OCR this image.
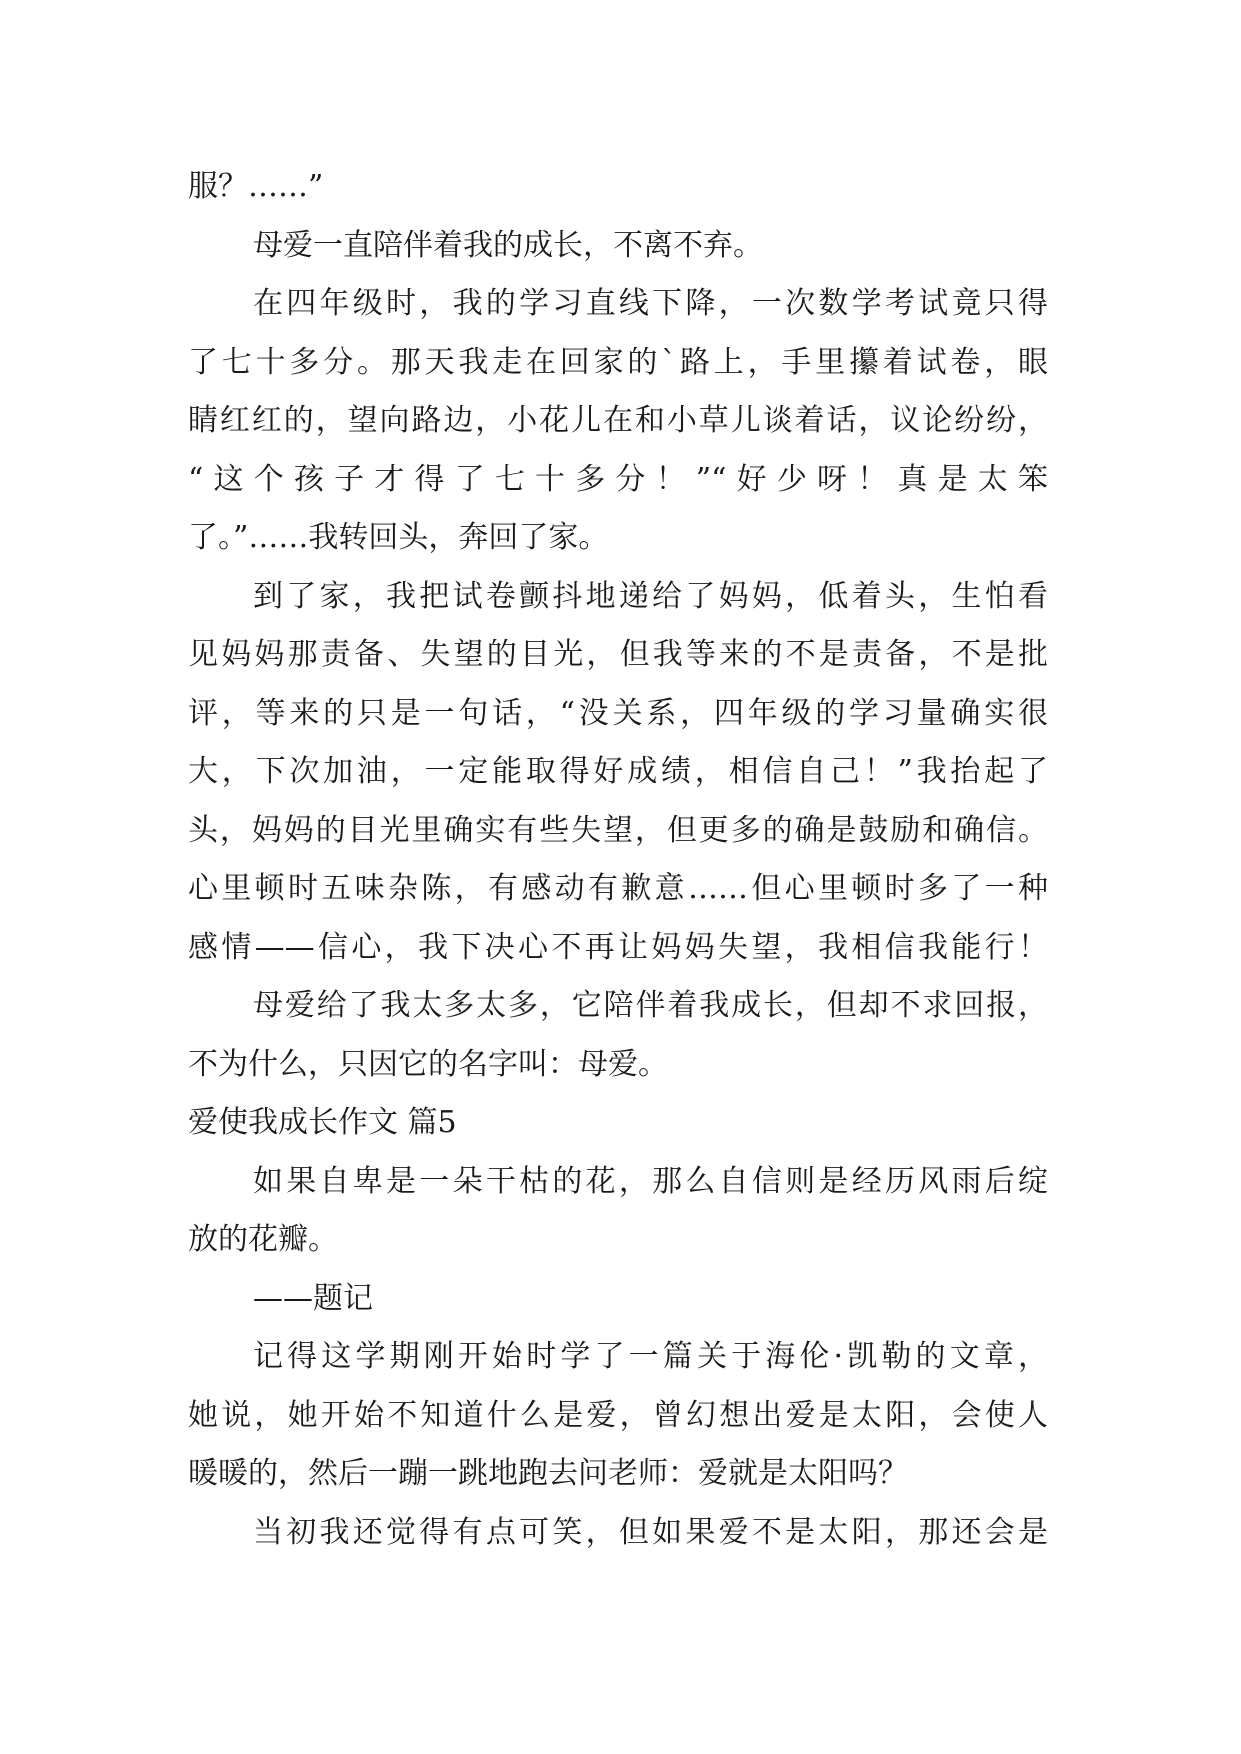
服？……”
母爱一直陪伴着我的成长，不离不弃。
在四年级时，我的学习直线下降，一次数学考试竟只得
了七十多分。那天我走在回家的`路上，手里攥着试卷，眼
睛红红的，望向路边，小花儿在和小草儿谈着话，议论纷纷，
“这个孩子才得了七十多分！”“好少呀！真是太笨
了。”……我转回头，奔回了家。
到了家，我把试卷颤抖地递给了妈妈，低着头，生怕看
见妈妈那责备、失望的目光，但我等来的不是责备，不是批
评，等来的只是一句话，“没关系，四年级的学习量确实很
大，下次加油，一定能取得好成绩，相信自己！”我抬起了
头，妈妈的目光里确实有些失望，但更多的确是鼓励和确信。
心里顿时五味杂陈，有感动有歉意……但心里顿时多了一种
感情——信心，我下决心不再让妈妈失望，我相信我能行！
母爱给了我太多太多，它陪伴着我成长，但却不求回报，
不为什么，只因它的名字叫：母爱。
爱使我成长作文 篇5
如果自卑是一朵干枯的花，那么自信则是经历风雨后绽
放的花瓣。
——题记
记得这学期刚开始时学了一篇关于海伦·凯勒的文章，
她说，她开始不知道什么是爱，曾幻想出爱是太阳，会使人
暖暖的，然后一蹦一跳地跑去问老师：爱就是太阳吗？
当初我还觉得有点可笑，但如果爱不是太阳，那还会是
